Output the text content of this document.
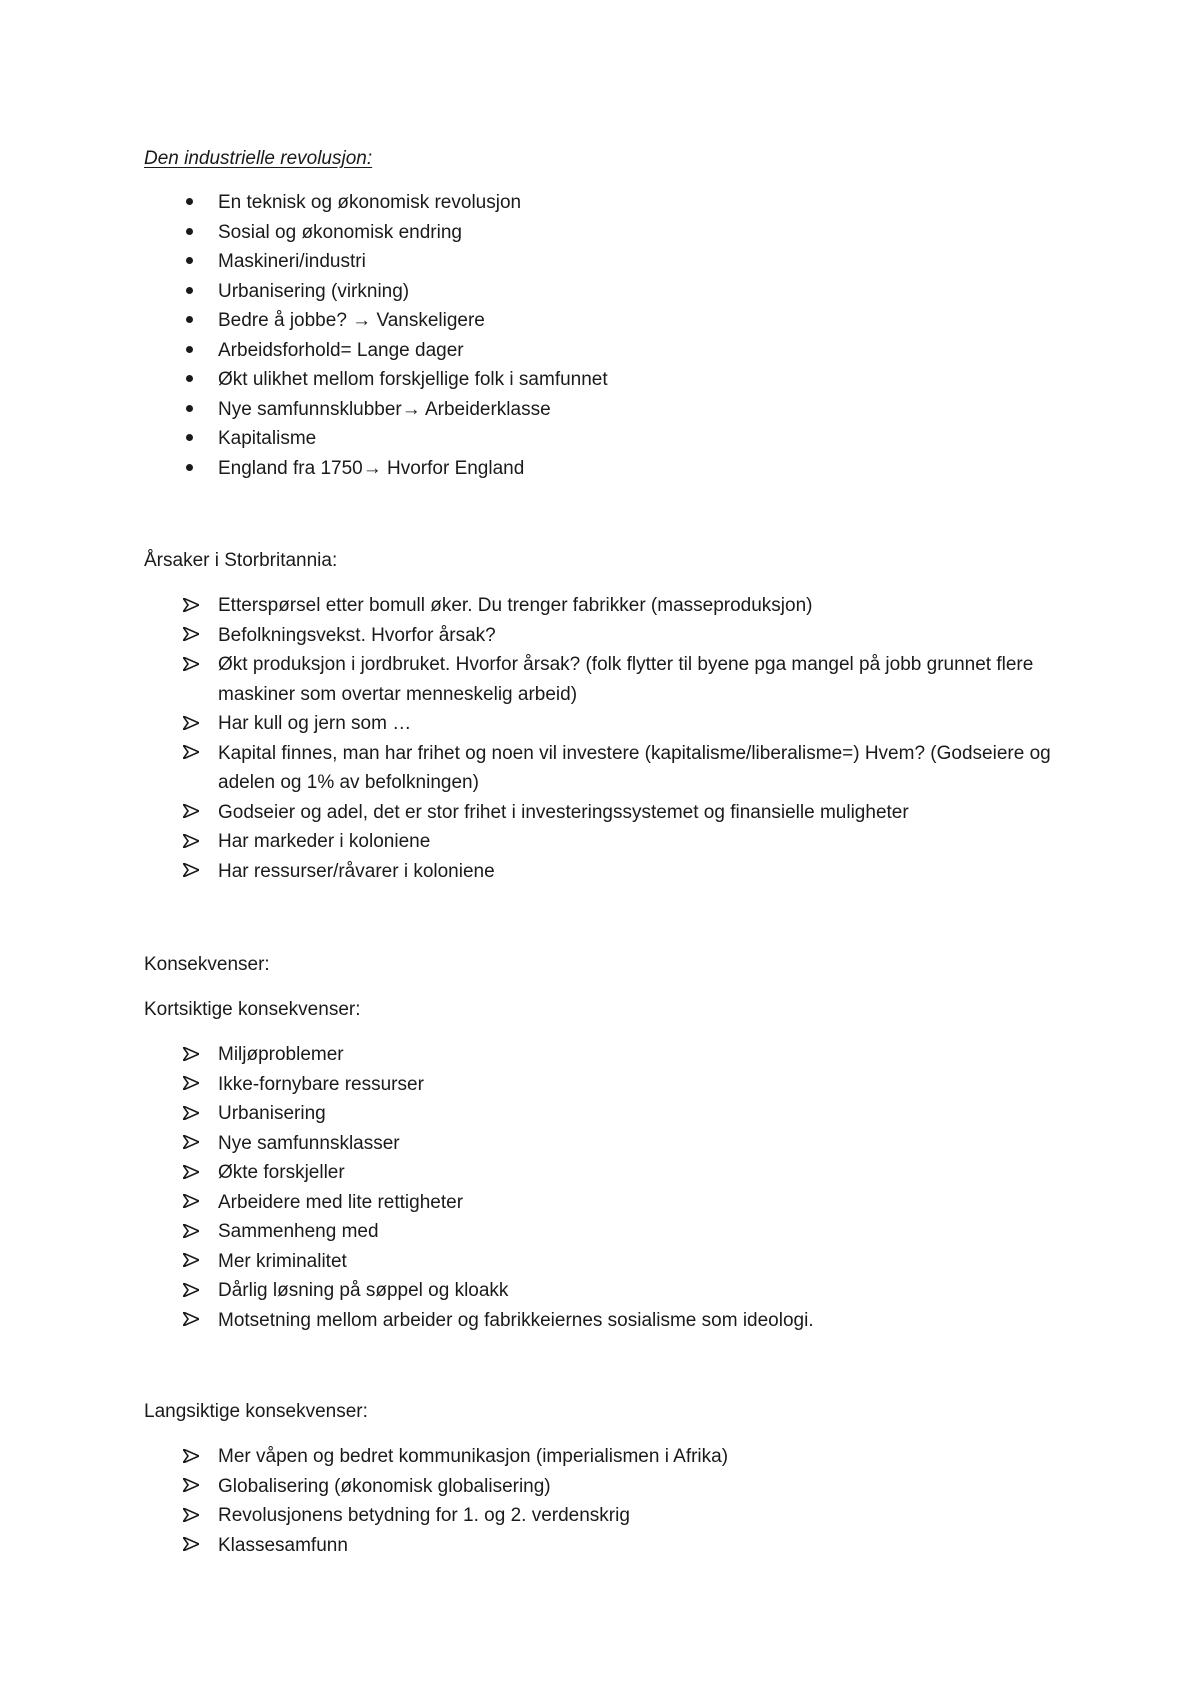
Den industrielle revolusjon:
En teknisk og økonomisk revolusjon
Sosial og økonomisk endring
Maskineri/industri
Urbanisering (virkning)
Bedre å jobbe? → Vanskeligere
Arbeidsforhold= Lange dager
Økt ulikhet mellom forskjellige folk i samfunnet
Nye samfunnsklubber→ Arbeiderklasse
Kapitalisme
England fra 1750→ Hvorfor England
Årsaker i Storbritannia:
Etterspørsel etter bomull øker. Du trenger fabrikker (masseproduksjon)
Befolkningsvekst. Hvorfor årsak?
Økt produksjon i jordbruket. Hvorfor årsak? (folk flytter til byene pga mangel på jobb grunnet flere maskiner som overtar menneskelig arbeid)
Har kull og jern som …
Kapital finnes, man har frihet og noen vil investere (kapitalisme/liberalisme=) Hvem? (Godseiere og adelen og 1% av befolkningen)
Godseier og adel, det er stor frihet i investeringssystemet og finansielle muligheter
Har markeder i koloniene
Har ressurser/råvarer i koloniene
Konsekvenser:
Kortsiktige konsekvenser:
Miljøproblemer
Ikke-fornybare ressurser
Urbanisering
Nye samfunnsklasser
Økte forskjeller
Arbeidere med lite rettigheter
Sammenheng med
Mer kriminalitet
Dårlig løsning på søppel og kloakk
Motsetning mellom arbeider og fabrikkeiernes sosialisme som ideologi.
Langsiktige konsekvenser:
Mer våpen og bedret kommunikasjon (imperialismen i Afrika)
Globalisering (økonomisk globalisering)
Revolusjonens betydning for 1. og 2. verdenskrig
Klassesamfunn
